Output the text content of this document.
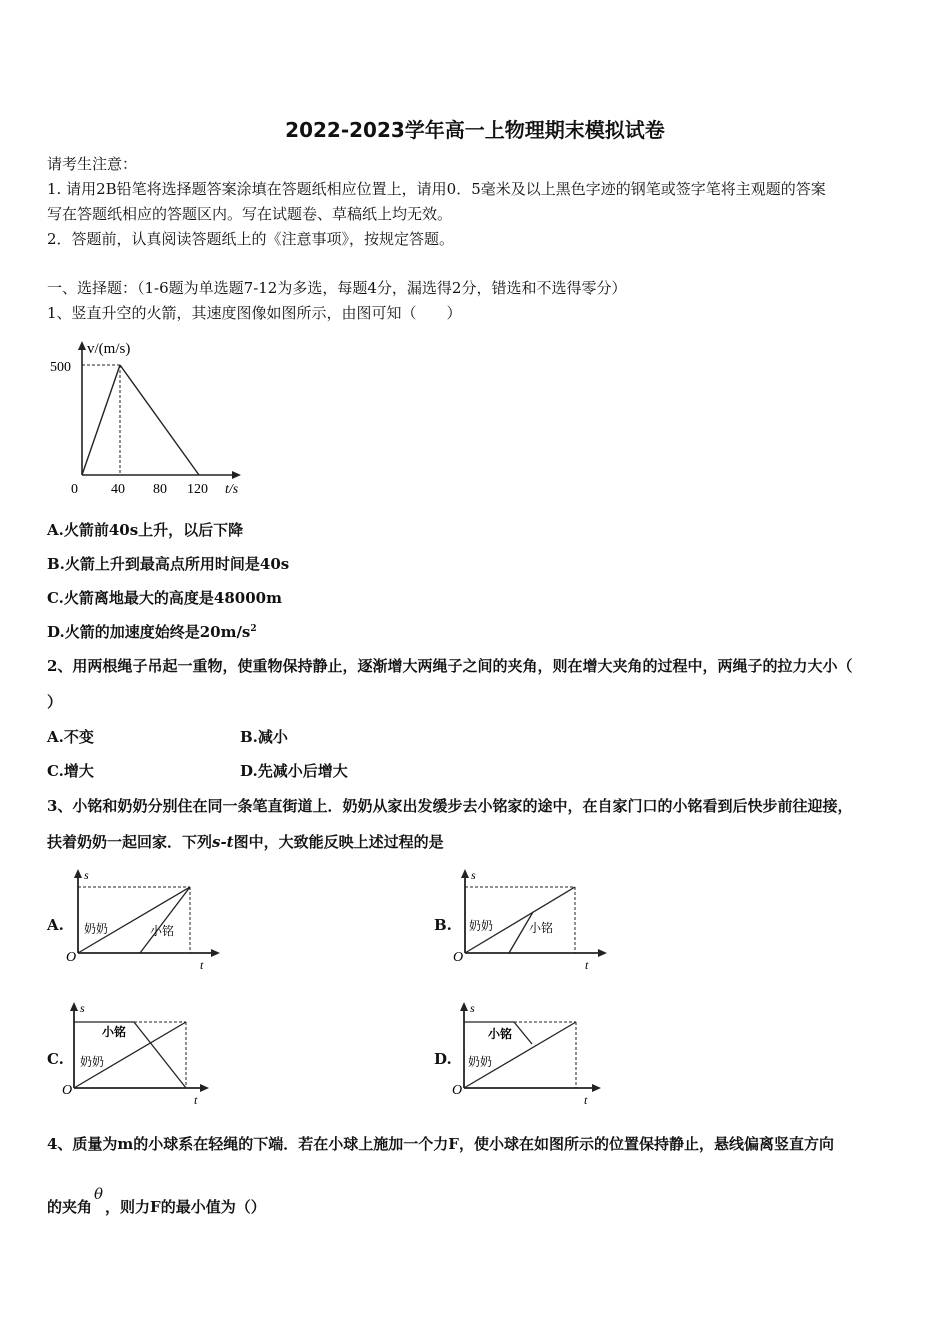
2022-2023学年高一上物理期末模拟试卷
请考生注意：
1. 请用2B铅笔将选择题答案涂填在答题纸相应位置上，请用0．5毫米及以上黑色字迹的钢笔或签字笔将主观题的答案
写在答题纸相应的答题区内。写在试题卷、草稿纸上均无效。
2．答题前，认真阅读答题纸上的《注意事项》，按规定答题。
一、选择题：（1-6题为单选题7-12为多选，每题4分，漏选得2分，错选和不选得零分）
1、竖直升空的火箭，其速度图像如图所示，由图可知（　　）
v/(m/s)
500
0 40 80 120 t/s
A.火箭前40s上升，以后下降
B.火箭上升到最高点所用时间是40s
C.火箭离地最大的高度是48000m
D.火箭的加速度始终是$20m/s^2$
2、用两根绳子吊起一重物，使重物保持静止，逐渐增大两绳子之间的夹角，则在增大夹角的过程中，两绳子的拉力大小（
）
A.不变	B.减小
C.增大	D.先减小后增大
3、小铭和奶奶分别住在同一条笔直街道上．奶奶从家出发缓步去小铭家的途中，在自家门口的小铭看到后快步前往迎接，
扶着奶奶一起回家．下列s-t图中，大致能反映上述过程的是
A.	B.
C.	D.
s
t
O
奶奶	小铭
s
t
O
奶奶	小铭
s
t
O
小铭
奶奶
s
t
O
小铭
奶奶
4、质量为m的小球系在轻绳的下端．若在小球上施加一个力F，使小球在如图所示的位置保持静止，悬线偏离竖直方向
的夹角θ，则力F的最小值为（）
